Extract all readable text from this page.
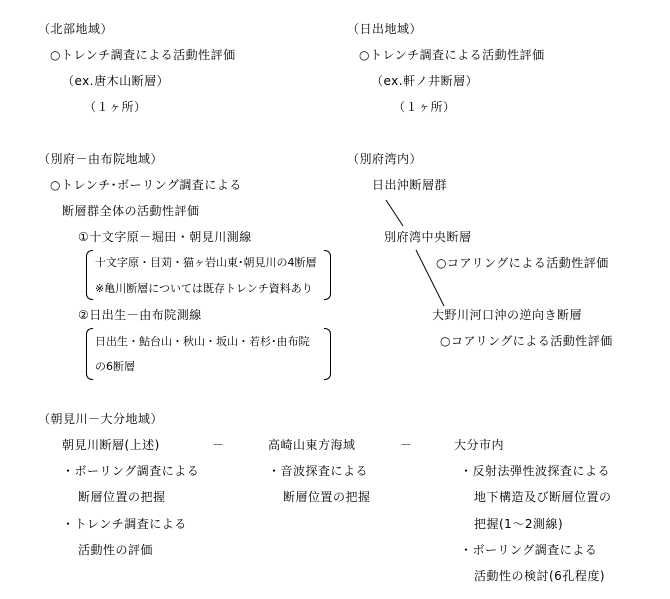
（北部地域）
○トレンチ調査による活動性評価
（ex.唐木山断層）
（１ヶ所）
（日出地域）
○トレンチ調査による活動性評価
（ex.軒ノ井断層）
（１ヶ所）
（別府－由布院地域）
○トレンチ･ボーリング調査による
断層群全体の活動性評価
①十文字原－堀田・朝見川測線
十文字原・目苅・猫ヶ岩山東･朝見川の4断層
※亀川断層については既存トレンチ資料あり
②日出生－由布院測線
日出生・鮎台山・秋山・坂山・若杉･由布院
の6断層
（別府湾内）
日出沖断層群
別府湾中央断層
○コアリングによる活動性評価
大野川河口沖の逆向き断層
○コアリングによる活動性評価
（朝見川－大分地域）
朝見川断層(上述)
・ボーリング調査による
断層位置の把握
・トレンチ調査による
活動性の評価
－	高崎山東方海域
・音波探査による
断層位置の把握
－	大分市内
・反射法弾性波探査による
地下構造及び断層位置の
把握(1～2測線)
・ボーリング調査による
活動性の検討(6孔程度)
